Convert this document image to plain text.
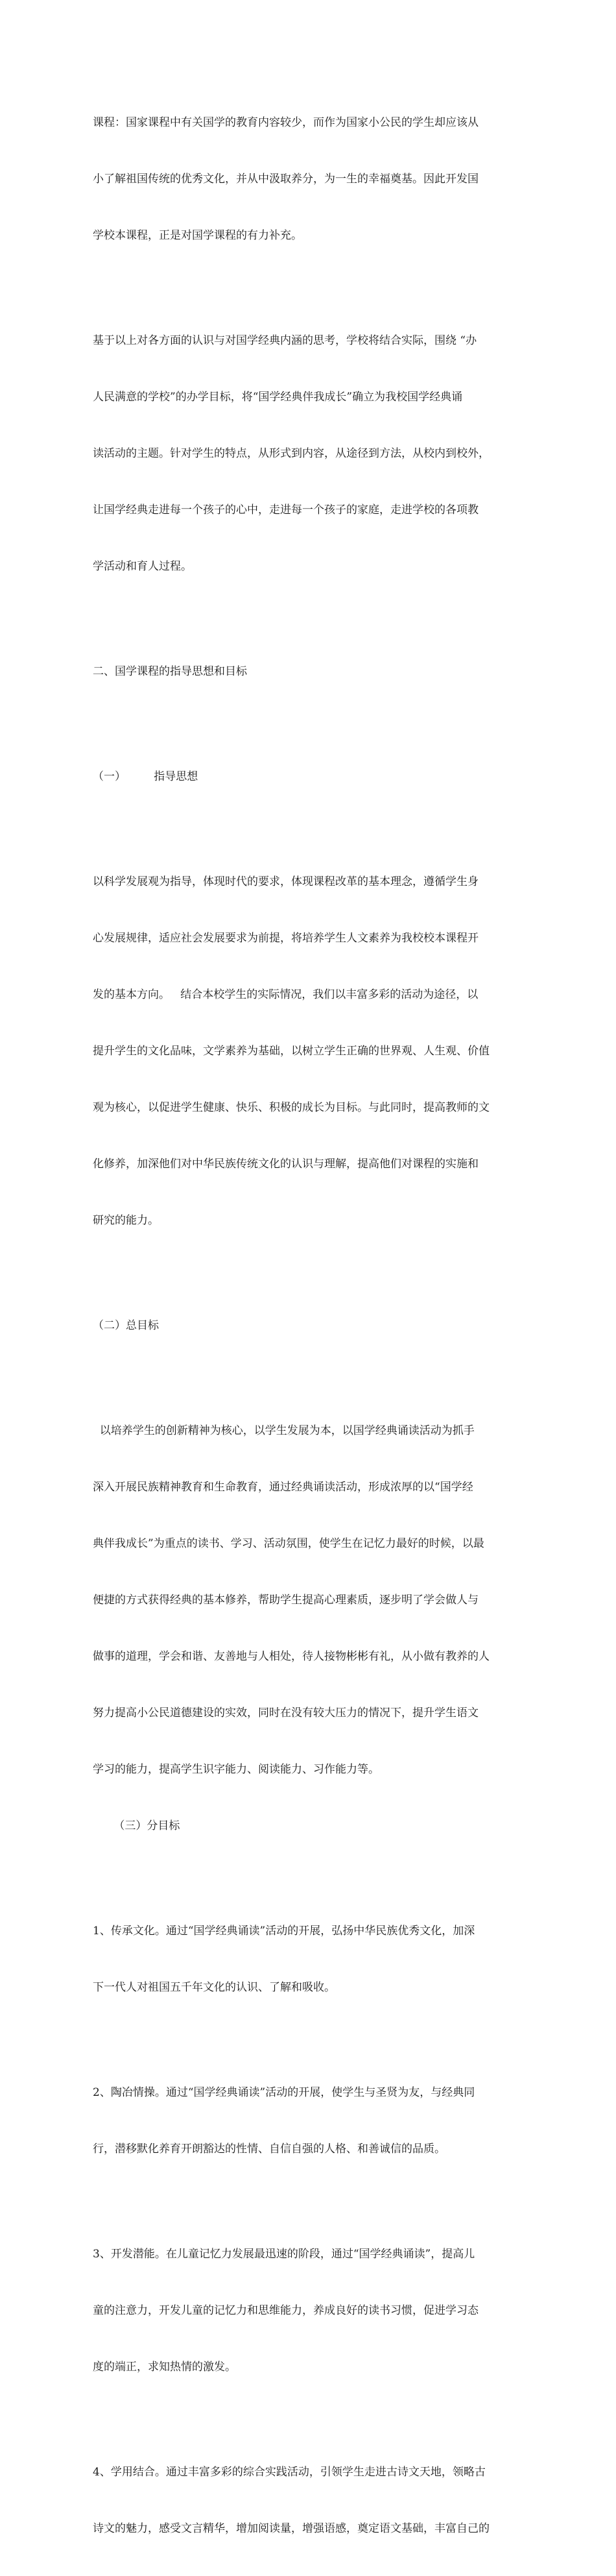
课程：国家课程中有关国学的教育内容较少，而作为国家小公民的学生却应该从

小了解祖国传统的优秀文化，并从中汲取养分，为一生的幸福奠基。因此开发国

学校本课程，正是对国学课程的有力补充。

基于以上对各方面的认识与对国学经典内涵的思考，学校将结合实际，围绕 “办

人民满意的学校”的办学目标，将“国学经典伴我成长”确立为我校国学经典诵

读活动的主题。针对学生的特点，从形式到内容，从途径到方法，从校内到校外，

让国学经典走进每一个孩子的心中，走进每一个孩子的家庭，走进学校的各项教

学活动和育人过程。

二、国学课程的指导思想和目标

（一）        指导思想

以科学发展观为指导，体现时代的要求，体现课程改革的基本理念，遵循学生身

心发展规律，适应社会发展要求为前提，将培养学生人文素养为我校校本课程开

发的基本方向。   结合本校学生的实际情况，我们以丰富多彩的活动为途径，以

提升学生的文化品味，文学素养为基础，以树立学生正确的世界观、人生观、价值

观为核心，以促进学生健康、快乐、积极的成长为目标。与此同时，提高教师的文

化修养，加深他们对中华民族传统文化的认识与理解，提高他们对课程的实施和

研究的能力。

（二）总目标

以培养学生的创新精神为核心，以学生发展为本，以国学经典诵读活动为抓手

深入开展民族精神教育和生命教育，通过经典诵读活动，形成浓厚的以“国学经

典伴我成长”为重点的读书、学习、活动氛围，使学生在记忆力最好的时候，以最

便捷的方式获得经典的基本修养，帮助学生提高心理素质，逐步明了学会做人与

做事的道理，学会和谐、友善地与人相处，待人接物彬彬有礼，从小做有教养的人

努力提高小公民道德建设的实效，同时在没有较大压力的情况下，提升学生语文

学习的能力，提高学生识字能力、阅读能力、习作能力等。

（三）分目标

1、传承文化。通过“国学经典诵读”活动的开展，弘扬中华民族优秀文化，加深

下一代人对祖国五千年文化的认识、了解和吸收。

2、陶冶情操。通过“国学经典诵读”活动的开展，使学生与圣贤为友，与经典同

行，潜移默化养育开朗豁达的性情、自信自强的人格、和善诚信的品质。

3、开发潜能。在儿童记忆力发展最迅速的阶段，通过“国学经典诵读”，提高儿

童的注意力，开发儿童的记忆力和思维能力，养成良好的读书习惯，促进学习态

度的端正，求知热情的激发。

4、学用结合。通过丰富多彩的综合实践活动，引领学生走进古诗文天地，领略古

诗文的魅力，感受文言精华，增加阅读量，增强语感，奠定语文基础，丰富自己的
